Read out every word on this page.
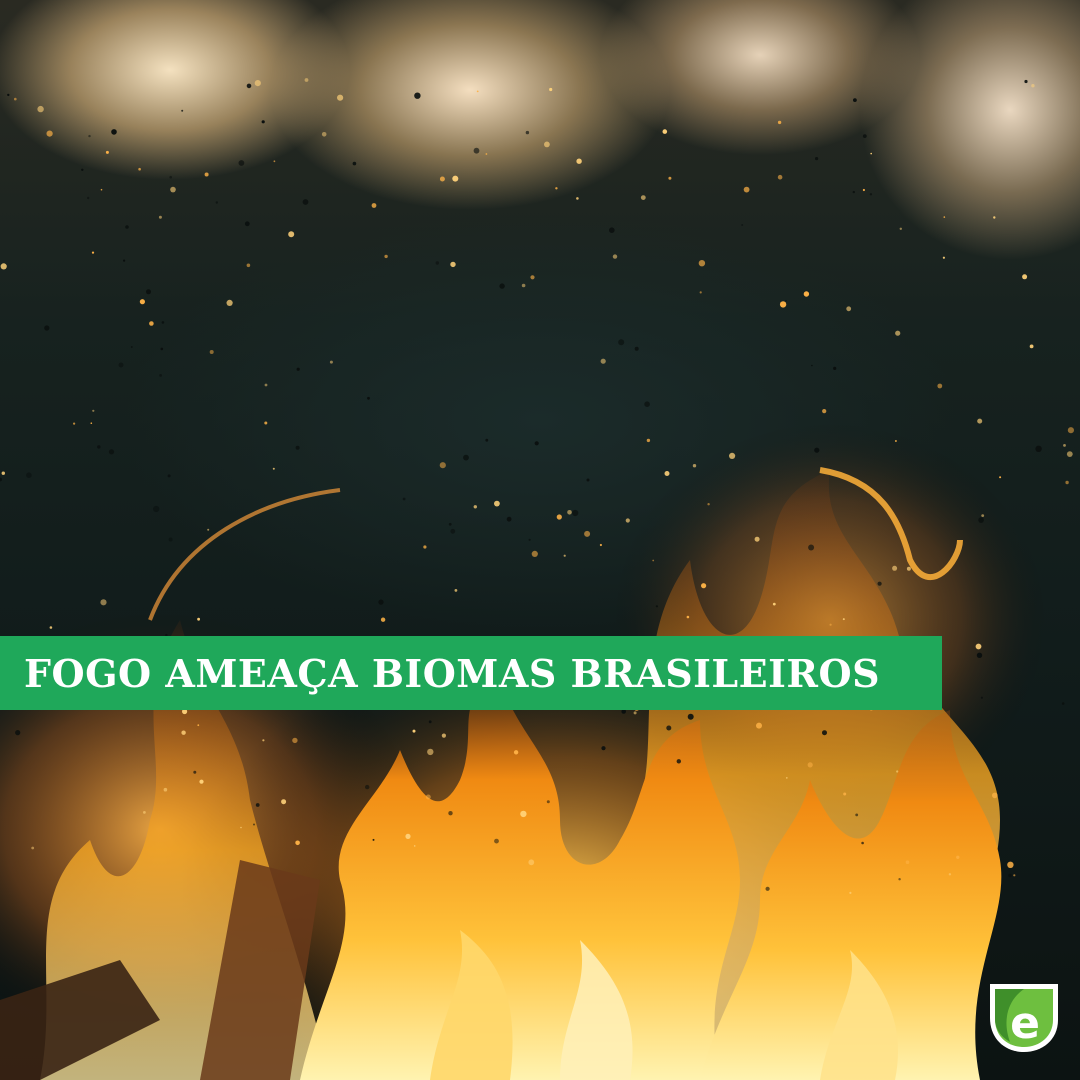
FOGO AMEAÇA BIOMAS BRASILEIROS
e
